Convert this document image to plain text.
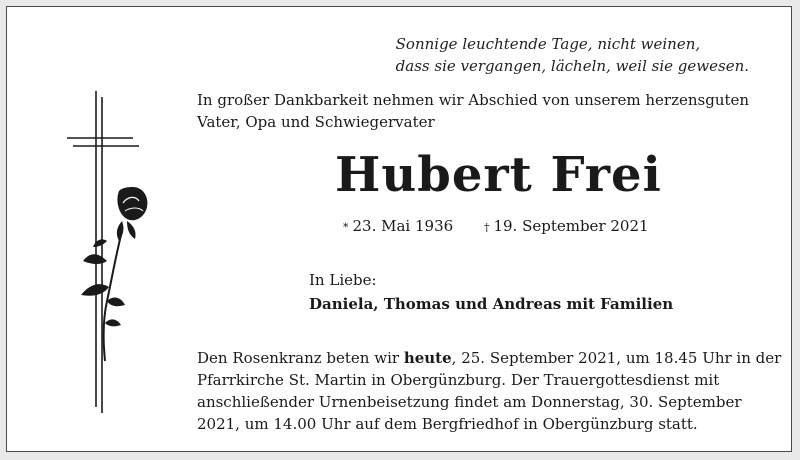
Sonnige leuchtende Tage, nicht weinen,
dass sie vergangen, lächeln, weil sie gewesen.
In großer Dankbarkeit nehmen wir Abschied von unserem herzensguten
Vater, Opa und Schwiegervater
Hubert Frei
* 23. Mai 1936	† 19. September 2021
In Liebe:
Daniela, Thomas und Andreas mit Familien
Den Rosenkranz beten wir heute, 25. September 2021, um 18.45 Uhr in der Pfarrkirche St. Martin in Obergünzburg. Der Trauergottesdienst mit anschließender Urnenbeisetzung findet am Donnerstag, 30. September 2021, um 14.00 Uhr auf dem Bergfriedhof in Obergünzburg statt.
